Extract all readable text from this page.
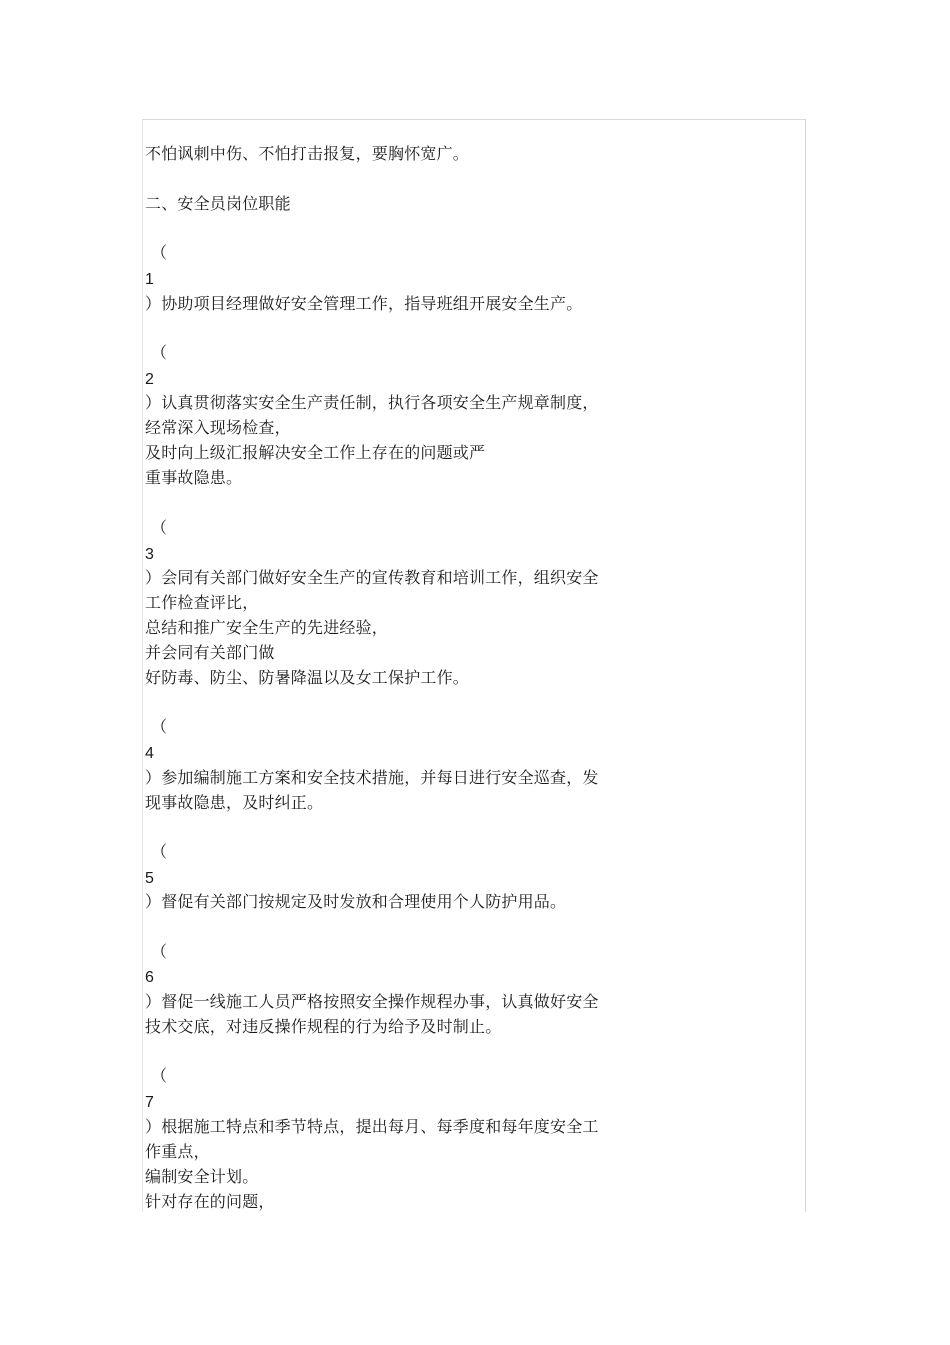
不怕讽刺中伤、不怕打击报复，要胸怀宽广。
二、安全员岗位职能
（
1
）协助项目经理做好安全管理工作，指导班组开展安全生产。
（
2
）认真贯彻落实安全生产责任制，执行各项安全生产规章制度，
经常深入现场检查，
及时向上级汇报解决安全工作上存在的问题或严
重事故隐患。
（
3
）会同有关部门做好安全生产的宣传教育和培训工作，组织安全
工作检查评比，
总结和推广安全生产的先进经验，
并会同有关部门做
好防毒、防尘、防暑降温以及女工保护工作。
（
4
）参加编制施工方案和安全技术措施，并每日进行安全巡查，发
现事故隐患，及时纠正。
（
5
）督促有关部门按规定及时发放和合理使用个人防护用品。
（
6
）督促一线施工人员严格按照安全操作规程办事，认真做好安全
技术交底，对违反操作规程的行为给予及时制止。
（
7
）根据施工特点和季节特点，提出每月、每季度和每年度安全工
作重点，
编制安全计划。
针对存在的问题，
